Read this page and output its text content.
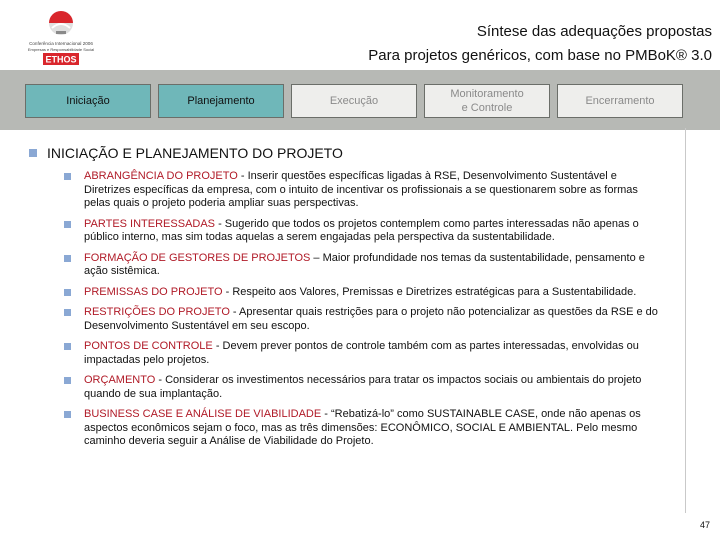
Conferência Internacional 2006
Empresas e Responsabilidade Social
ETHOS
Síntese das adequações propostas
Para projetos genéricos, com base no PMBoK® 3.0
Iniciação	Planejamento	Execução
Monitoramento e Controle
Encerramento
INICIAÇÃO E PLANEJAMENTO DO PROJETO
ABRANGÊNCIA DO PROJETO - Inserir questões específicas ligadas à RSE, Desenvolvimento Sustentável e Diretrizes específicas da empresa, com o intuito de incentivar os profissionais a se questionarem sobre as formas pelas quais o projeto poderia ampliar suas perspectivas.
PARTES INTERESSADAS - Sugerido que todos os projetos contemplem como partes interessadas não apenas o público interno, mas sim todas aquelas a serem engajadas pela perspectiva da sustentabilidade.
FORMAÇÃO DE GESTORES DE PROJETOS – Maior profundidade nos temas da sustentabilidade, pensamento e ação sistêmica.
PREMISSAS DO PROJETO - Respeito aos Valores, Premissas e Diretrizes estratégicas para a Sustentabilidade.
RESTRIÇÕES DO PROJETO - Apresentar quais restrições para o projeto não potencializar as questões da RSE e do Desenvolvimento Sustentável em seu escopo.
PONTOS DE CONTROLE - Devem prever pontos de controle também com as partes interessadas, envolvidas ou impactadas pelo projetos.
ORÇAMENTO - Considerar os investimentos necessários para tratar os impactos sociais ou ambientais do projeto quando de sua implantação.
BUSINESS CASE E ANÁLISE DE VIABILIDADE - “Rebatizá-lo” como SUSTAINABLE CASE, onde não apenas os aspectos econômicos sejam o foco, mas as três dimensões: ECONÔMICO, SOCIAL E AMBIENTAL. Pelo mesmo caminho deveria seguir a Análise de Viabilidade do Projeto.
47
